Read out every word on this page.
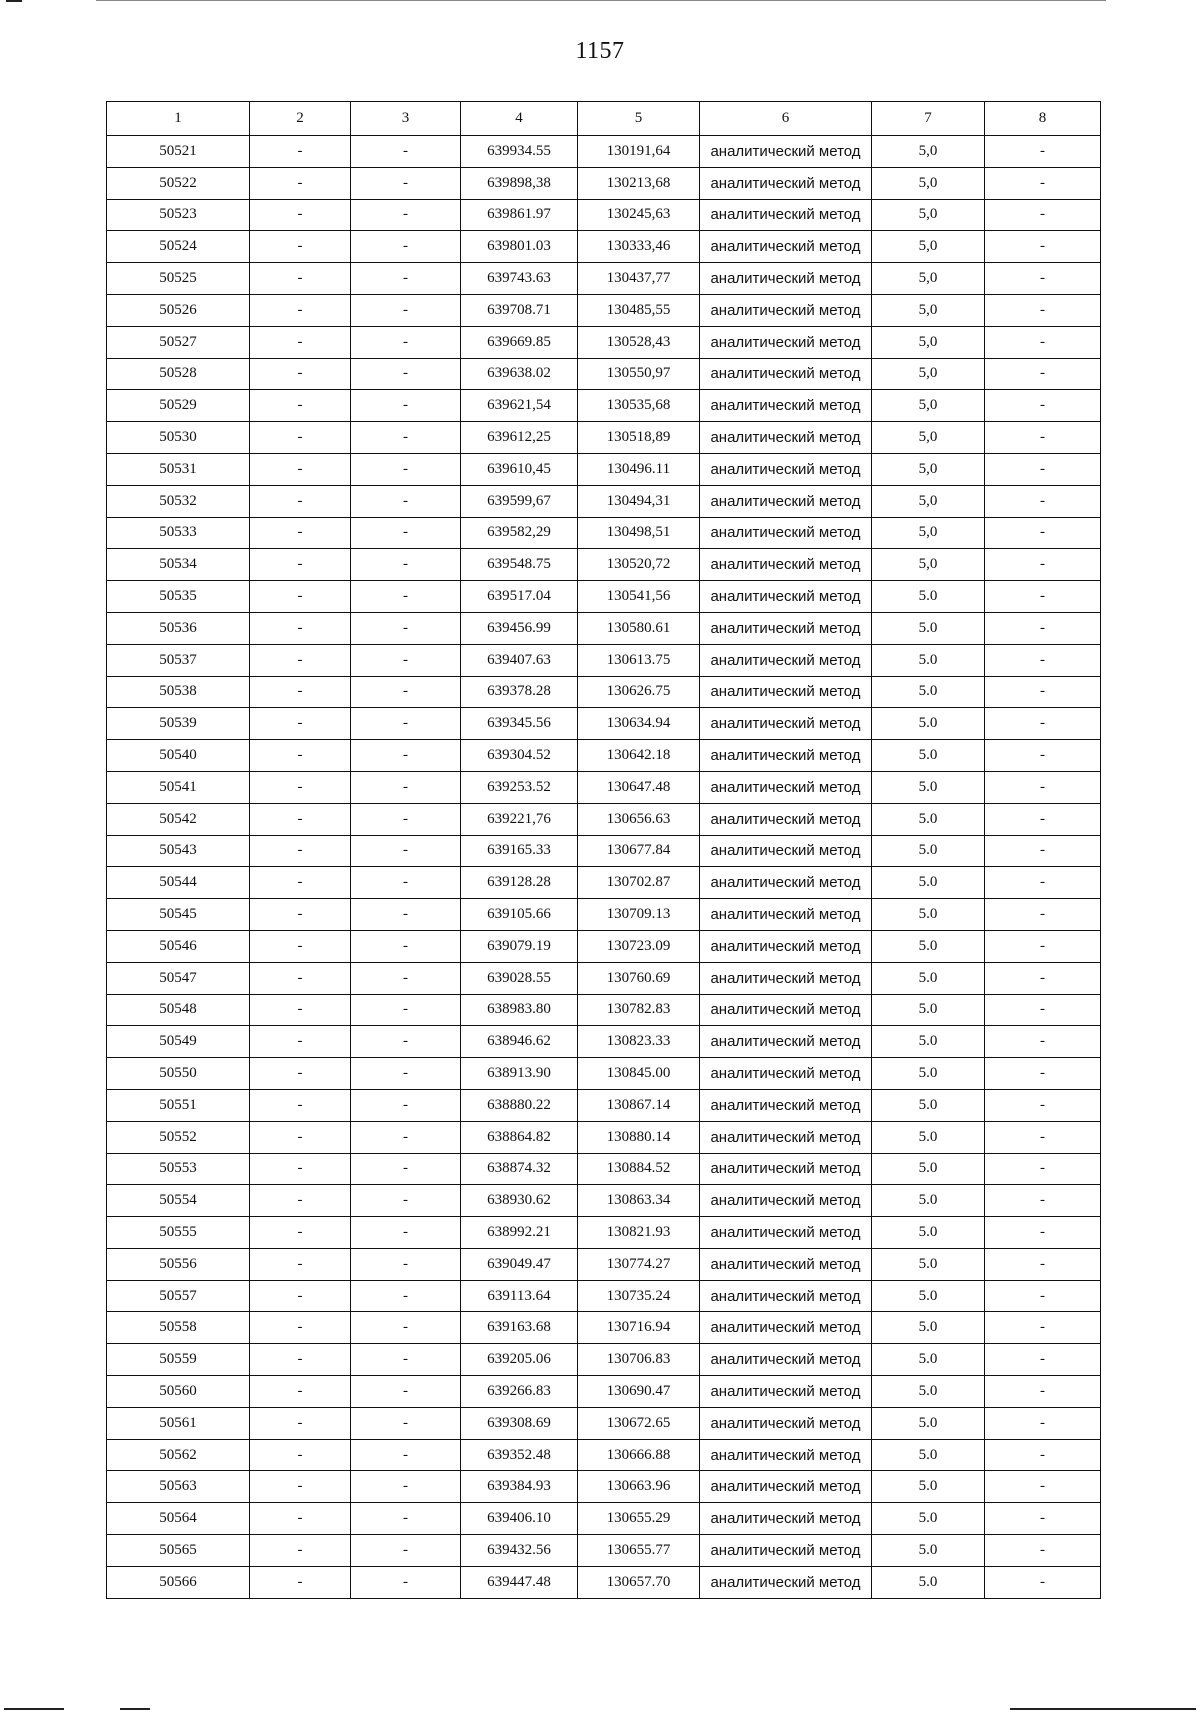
1157
1	2	3	4	5	6	7	8
50521	-	-	639934.55	130191,64	аналитический метод	5,0	-
50522	-	-	639898,38	130213,68	аналитический метод	5,0	-
50523	-	-	639861.97	130245,63	аналитический метод	5,0	-
50524	-	-	639801.03	130333,46	аналитический метод	5,0	-
50525	-	-	639743.63	130437,77	аналитический метод	5,0	-
50526	-	-	639708.71	130485,55	аналитический метод	5,0	-
50527	-	-	639669.85	130528,43	аналитический метод	5,0	-
50528	-	-	639638.02	130550,97	аналитический метод	5,0	-
50529	-	-	639621,54	130535,68	аналитический метод	5,0	-
50530	-	-	639612,25	130518,89	аналитический метод	5,0	-
50531	-	-	639610,45	130496.11	аналитический метод	5,0	-
50532	-	-	639599,67	130494,31	аналитический метод	5,0	-
50533	-	-	639582,29	130498,51	аналитический метод	5,0	-
50534	-	-	639548.75	130520,72	аналитический метод	5,0	-
50535	-	-	639517.04	130541,56	аналитический метод	5.0	-
50536	-	-	639456.99	130580.61	аналитический метод	5.0	-
50537	-	-	639407.63	130613.75	аналитический метод	5.0	-
50538	-	-	639378.28	130626.75	аналитический метод	5.0	-
50539	-	-	639345.56	130634.94	аналитический метод	5.0	-
50540	-	-	639304.52	130642.18	аналитический метод	5.0	-
50541	-	-	639253.52	130647.48	аналитический метод	5.0	-
50542	-	-	639221,76	130656.63	аналитический метод	5.0	-
50543	-	-	639165.33	130677.84	аналитический метод	5.0	-
50544	-	-	639128.28	130702.87	аналитический метод	5.0	-
50545	-	-	639105.66	130709.13	аналитический метод	5.0	-
50546	-	-	639079.19	130723.09	аналитический метод	5.0	-
50547	-	-	639028.55	130760.69	аналитический метод	5.0	-
50548	-	-	638983.80	130782.83	аналитический метод	5.0	-
50549	-	-	638946.62	130823.33	аналитический метод	5.0	-
50550	-	-	638913.90	130845.00	аналитический метод	5.0	-
50551	-	-	638880.22	130867.14	аналитический метод	5.0	-
50552	-	-	638864.82	130880.14	аналитический метод	5.0	-
50553	-	-	638874.32	130884.52	аналитический метод	5.0	-
50554	-	-	638930.62	130863.34	аналитический метод	5.0	-
50555	-	-	638992.21	130821.93	аналитический метод	5.0	-
50556	-	-	639049.47	130774.27	аналитический метод	5.0	-
50557	-	-	639113.64	130735.24	аналитический метод	5.0	-
50558	-	-	639163.68	130716.94	аналитический метод	5.0	-
50559	-	-	639205.06	130706.83	аналитический метод	5.0	-
50560	-	-	639266.83	130690.47	аналитический метод	5.0	-
50561	-	-	639308.69	130672.65	аналитический метод	5.0	-
50562	-	-	639352.48	130666.88	аналитический метод	5.0	-
50563	-	-	639384.93	130663.96	аналитический метод	5.0	-
50564	-	-	639406.10	130655.29	аналитический метод	5.0	-
50565	-	-	639432.56	130655.77	аналитический метод	5.0	-
50566	-	-	639447.48	130657.70	аналитический метод	5.0	-
